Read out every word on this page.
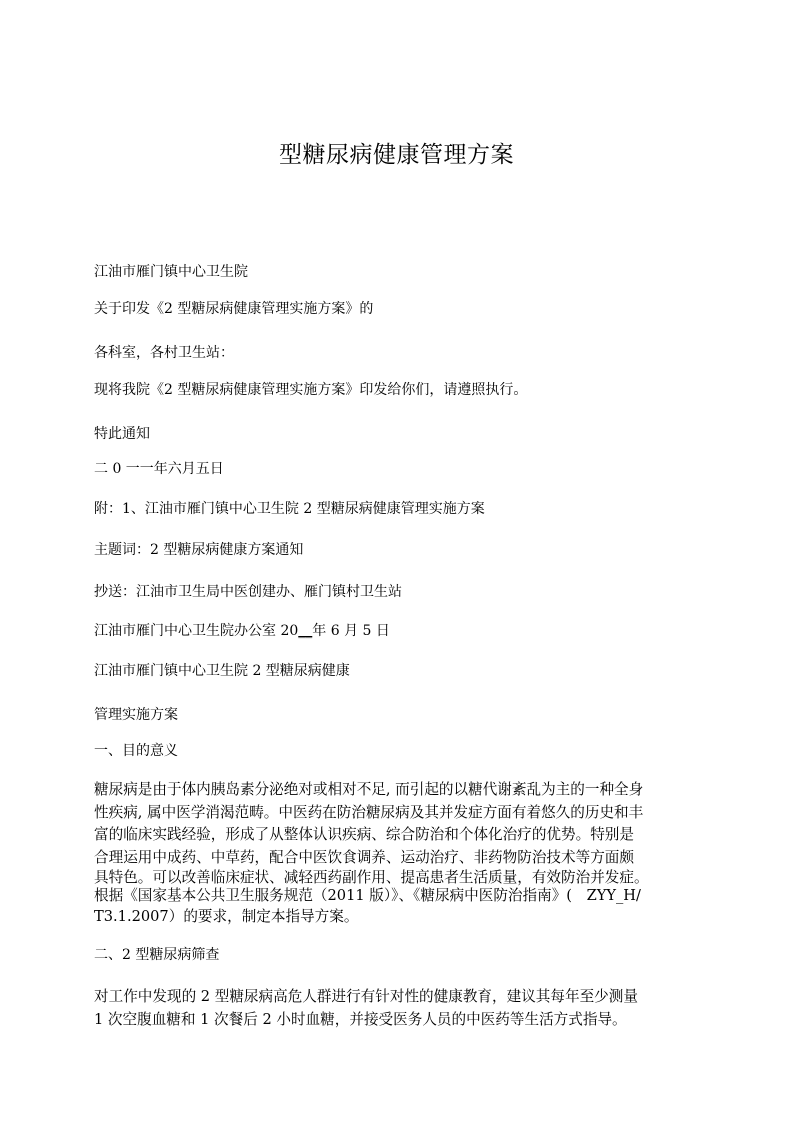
型糖尿病健康管理方案
江油市雁门镇中心卫生院
关于印发《2 型糖尿病健康管理实施方案》的
各科室，各村卫生站：
现将我院《2 型糖尿病健康管理实施方案》印发给你们，请遵照执行。
特此通知
二 0 一一年六月五日
附：1、江油市雁门镇中心卫生院 2 型糖尿病健康管理实施方案
主题词：2 型糖尿病健康方案通知
抄送：江油市卫生局中医创建办、雁门镇村卫生站
江油市雁门中心卫生院办公室 20__年 6 月 5 日
江油市雁门镇中心卫生院 2 型糖尿病健康
管理实施方案
一、目的意义
糖尿病是由于体内胰岛素分泌绝对或相对不足, 而引起的以糖代谢紊乱为主的一种全身
性疾病, 属中医学消渴范畴。中医药在防治糖尿病及其并发症方面有着悠久的历史和丰
富的临床实践经验，形成了从整体认识疾病、综合防治和个体化治疗的优势。特别是
合理运用中成药、中草药，配合中医饮食调养、运动治疗、非药物防治技术等方面颇
具特色。可以改善临床症状、减轻西药副作用、提高患者生活质量，有效防治并发症。
根据《国家基本公共卫生服务规范（2011 版）》、《糖尿病中医防治指南》(　ZYY_H/
T3.1.2007）的要求，制定本指导方案。
二、2 型糖尿病筛查
对工作中发现的 2 型糖尿病高危人群进行有针对性的健康教育，建议其每年至少测量
1 次空腹血糖和 1 次餐后 2 小时血糖，并接受医务人员的中医药等生活方式指导。
